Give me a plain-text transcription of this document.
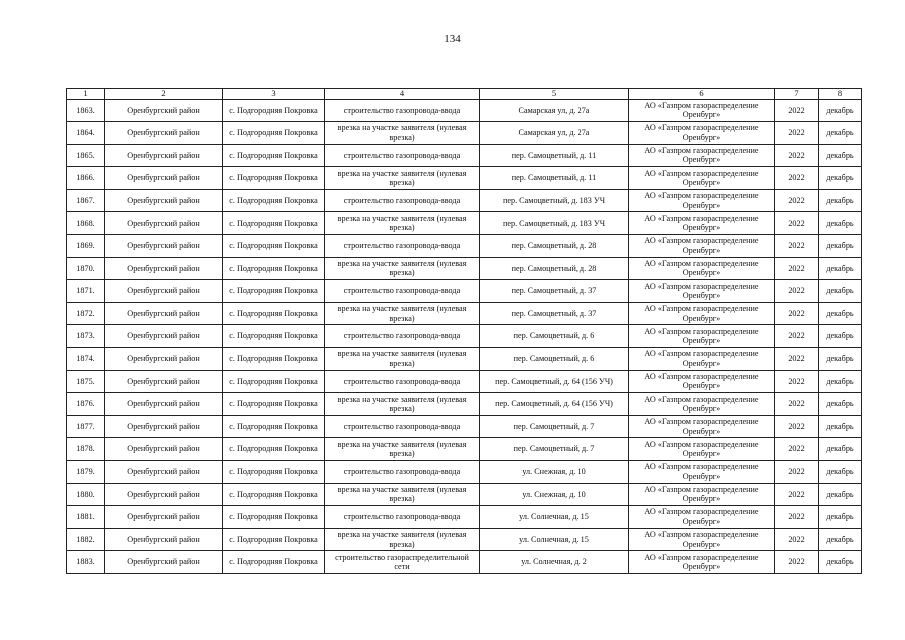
134
1	2	3	4	5	6	7	8
1863.	Оренбургский район	с. Подгородняя Покровка	строительство газопровода-ввода	Самарская ул, д. 27а	АО «Газпром газораспределение Оренбург»	2022	декабрь
1864.	Оренбургский район	с. Подгородняя Покровка	врезка на участке заявителя (нулевая врезка)	Самарская ул, д. 27а	АО «Газпром газораспределение Оренбург»	2022	декабрь
1865.	Оренбургский район	с. Подгородняя Покровка	строительство газопровода-ввода	пер. Самоцветный, д. 11	АО «Газпром газораспределение Оренбург»	2022	декабрь
1866.	Оренбургский район	с. Подгородняя Покровка	врезка на участке заявителя (нулевая врезка)	пер. Самоцветный, д. 11	АО «Газпром газораспределение Оренбург»	2022	декабрь
1867.	Оренбургский район	с. Подгородняя Покровка	строительство газопровода-ввода	пер. Самоцветный, д. 183 УЧ	АО «Газпром газораспределение Оренбург»	2022	декабрь
1868.	Оренбургский район	с. Подгородняя Покровка	врезка на участке заявителя (нулевая врезка)	пер. Самоцветный, д. 183 УЧ	АО «Газпром газораспределение Оренбург»	2022	декабрь
1869.	Оренбургский район	с. Подгородняя Покровка	строительство газопровода-ввода	пер. Самоцветный, д. 28	АО «Газпром газораспределение Оренбург»	2022	декабрь
1870.	Оренбургский район	с. Подгородняя Покровка	врезка на участке заявителя (нулевая врезка)	пер. Самоцветный, д. 28	АО «Газпром газораспределение Оренбург»	2022	декабрь
1871.	Оренбургский район	с. Подгородняя Покровка	строительство газопровода-ввода	пер. Самоцветный, д. 37	АО «Газпром газораспределение Оренбург»	2022	декабрь
1872.	Оренбургский район	с. Подгородняя Покровка	врезка на участке заявителя (нулевая врезка)	пер. Самоцветный, д. 37	АО «Газпром газораспределение Оренбург»	2022	декабрь
1873.	Оренбургский район	с. Подгородняя Покровка	строительство газопровода-ввода	пер. Самоцветный, д. 6	АО «Газпром газораспределение Оренбург»	2022	декабрь
1874.	Оренбургский район	с. Подгородняя Покровка	врезка на участке заявителя (нулевая врезка)	пер. Самоцветный, д. 6	АО «Газпром газораспределение Оренбург»	2022	декабрь
1875.	Оренбургский район	с. Подгородняя Покровка	строительство газопровода-ввода	пер. Самоцветный, д. 64 (156 УЧ)	АО «Газпром газораспределение Оренбург»	2022	декабрь
1876.	Оренбургский район	с. Подгородняя Покровка	врезка на участке заявителя (нулевая врезка)	пер. Самоцветный, д. 64 (156 УЧ)	АО «Газпром газораспределение Оренбург»	2022	декабрь
1877.	Оренбургский район	с. Подгородняя Покровка	строительство газопровода-ввода	пер. Самоцветный, д. 7	АО «Газпром газораспределение Оренбург»	2022	декабрь
1878.	Оренбургский район	с. Подгородняя Покровка	врезка на участке заявителя (нулевая врезка)	пер. Самоцветный, д. 7	АО «Газпром газораспределение Оренбург»	2022	декабрь
1879.	Оренбургский район	с. Подгородняя Покровка	строительство газопровода-ввода	ул. Снежная, д. 10	АО «Газпром газораспределение Оренбург»	2022	декабрь
1880.	Оренбургский район	с. Подгородняя Покровка	врезка на участке заявителя (нулевая врезка)	ул. Снежная, д. 10	АО «Газпром газораспределение Оренбург»	2022	декабрь
1881.	Оренбургский район	с. Подгородняя Покровка	строительство газопровода-ввода	ул. Солнечная, д. 15	АО «Газпром газораспределение Оренбург»	2022	декабрь
1882.	Оренбургский район	с. Подгородняя Покровка	врезка на участке заявителя (нулевая врезка)	ул. Солнечная, д. 15	АО «Газпром газораспределение Оренбург»	2022	декабрь
1883.	Оренбургский район	с. Подгородняя Покровка	строительство газораспределительной сети	ул. Солнечная, д. 2	АО «Газпром газораспределение Оренбург»	2022	декабрь
